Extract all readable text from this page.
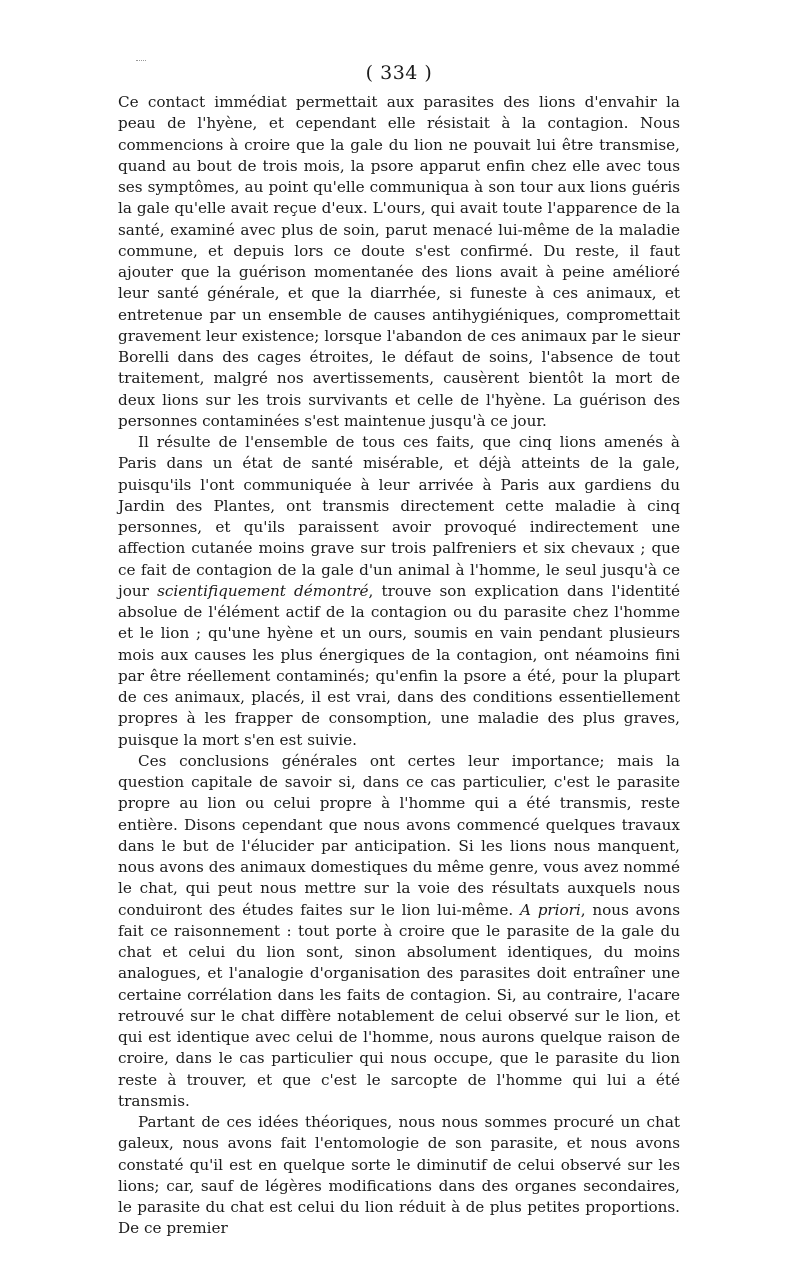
( 334 )

Ce contact immédiat permettait aux parasites des lions d'envahir la peau de l'hyène, et cependant elle résistait à la contagion. Nous commencions à croire que la gale du lion ne pouvait lui être transmise, quand au bout de trois mois, la psore apparut enfin chez elle avec tous ses symptômes, au point qu'elle communiqua à son tour aux lions guéris la gale qu'elle avait reçue d'eux. L'ours, qui avait toute l'apparence de la santé, examiné avec plus de soin, parut menacé lui-même de la maladie commune, et depuis lors ce doute s'est confirmé. Du reste, il faut ajouter que la guérison momentanée des lions avait à peine amélioré leur santé générale, et que la diarrhée, si funeste à ces animaux, et entretenue par un ensemble de causes antihygiéniques, compromettait gravement leur existence; lorsque l'abandon de ces animaux par le sieur Borelli dans des cages étroites, le défaut de soins, l'absence de tout traitement, malgré nos avertissements, causèrent bientôt la mort de deux lions sur les trois survivants et celle de l'hyène. La guérison des personnes contaminées s'est maintenue jusqu'à ce jour.

Il résulte de l'ensemble de tous ces faits, que cinq lions amenés à Paris dans un état de santé misérable, et déjà atteints de la gale, puisqu'ils l'ont communiquée à leur arrivée à Paris aux gardiens du Jardin des Plantes, ont transmis directement cette maladie à cinq personnes, et qu'ils paraissent avoir provoqué indirectement une affection cutanée moins grave sur trois palfreniers et six chevaux ; que ce fait de contagion de la gale d'un animal à l'homme, le seul jusqu'à ce jour scientifiquement démontré, trouve son explication dans l'identité absolue de l'élément actif de la contagion ou du parasite chez l'homme et le lion ; qu'une hyène et un ours, soumis en vain pendant plusieurs mois aux causes les plus énergiques de la contagion, ont néamoins fini par être réellement contaminés; qu'enfin la psore a été, pour la plupart de ces animaux, placés, il est vrai, dans des conditions essentiellement propres à les frapper de consomption, une maladie des plus graves, puisque la mort s'en est suivie.

Ces conclusions générales ont certes leur importance; mais la question capitale de savoir si, dans ce cas particulier, c'est le parasite propre au lion ou celui propre à l'homme qui a été transmis, reste entière. Disons cependant que nous avons commencé quelques travaux dans le but de l'élucider par anticipation. Si les lions nous manquent, nous avons des animaux domestiques du même genre, vous avez nommé le chat, qui peut nous mettre sur la voie des résultats auxquels nous conduiront des études faites sur le lion lui-même. A priori, nous avons fait ce raisonnement : tout porte à croire que le parasite de la gale du chat et celui du lion sont, sinon absolument identiques, du moins analogues, et l'analogie d'organisation des parasites doit entraîner une certaine corrélation dans les faits de contagion. Si, au contraire, l'acare retrouvé sur le chat diffère notablement de celui observé sur le lion, et qui est identique avec celui de l'homme, nous aurons quelque raison de croire, dans le cas particulier qui nous occupe, que le parasite du lion reste à trouver, et que c'est le sarcopte de l'homme qui lui a été transmis.

Partant de ces idées théoriques, nous nous sommes procuré un chat galeux, nous avons fait l'entomologie de son parasite, et nous avons constaté qu'il est en quelque sorte le diminutif de celui observé sur les lions; car, sauf de légères modifications dans des organes secondaires, le parasite du chat est celui du lion réduit à de plus petites proportions. De ce premier
